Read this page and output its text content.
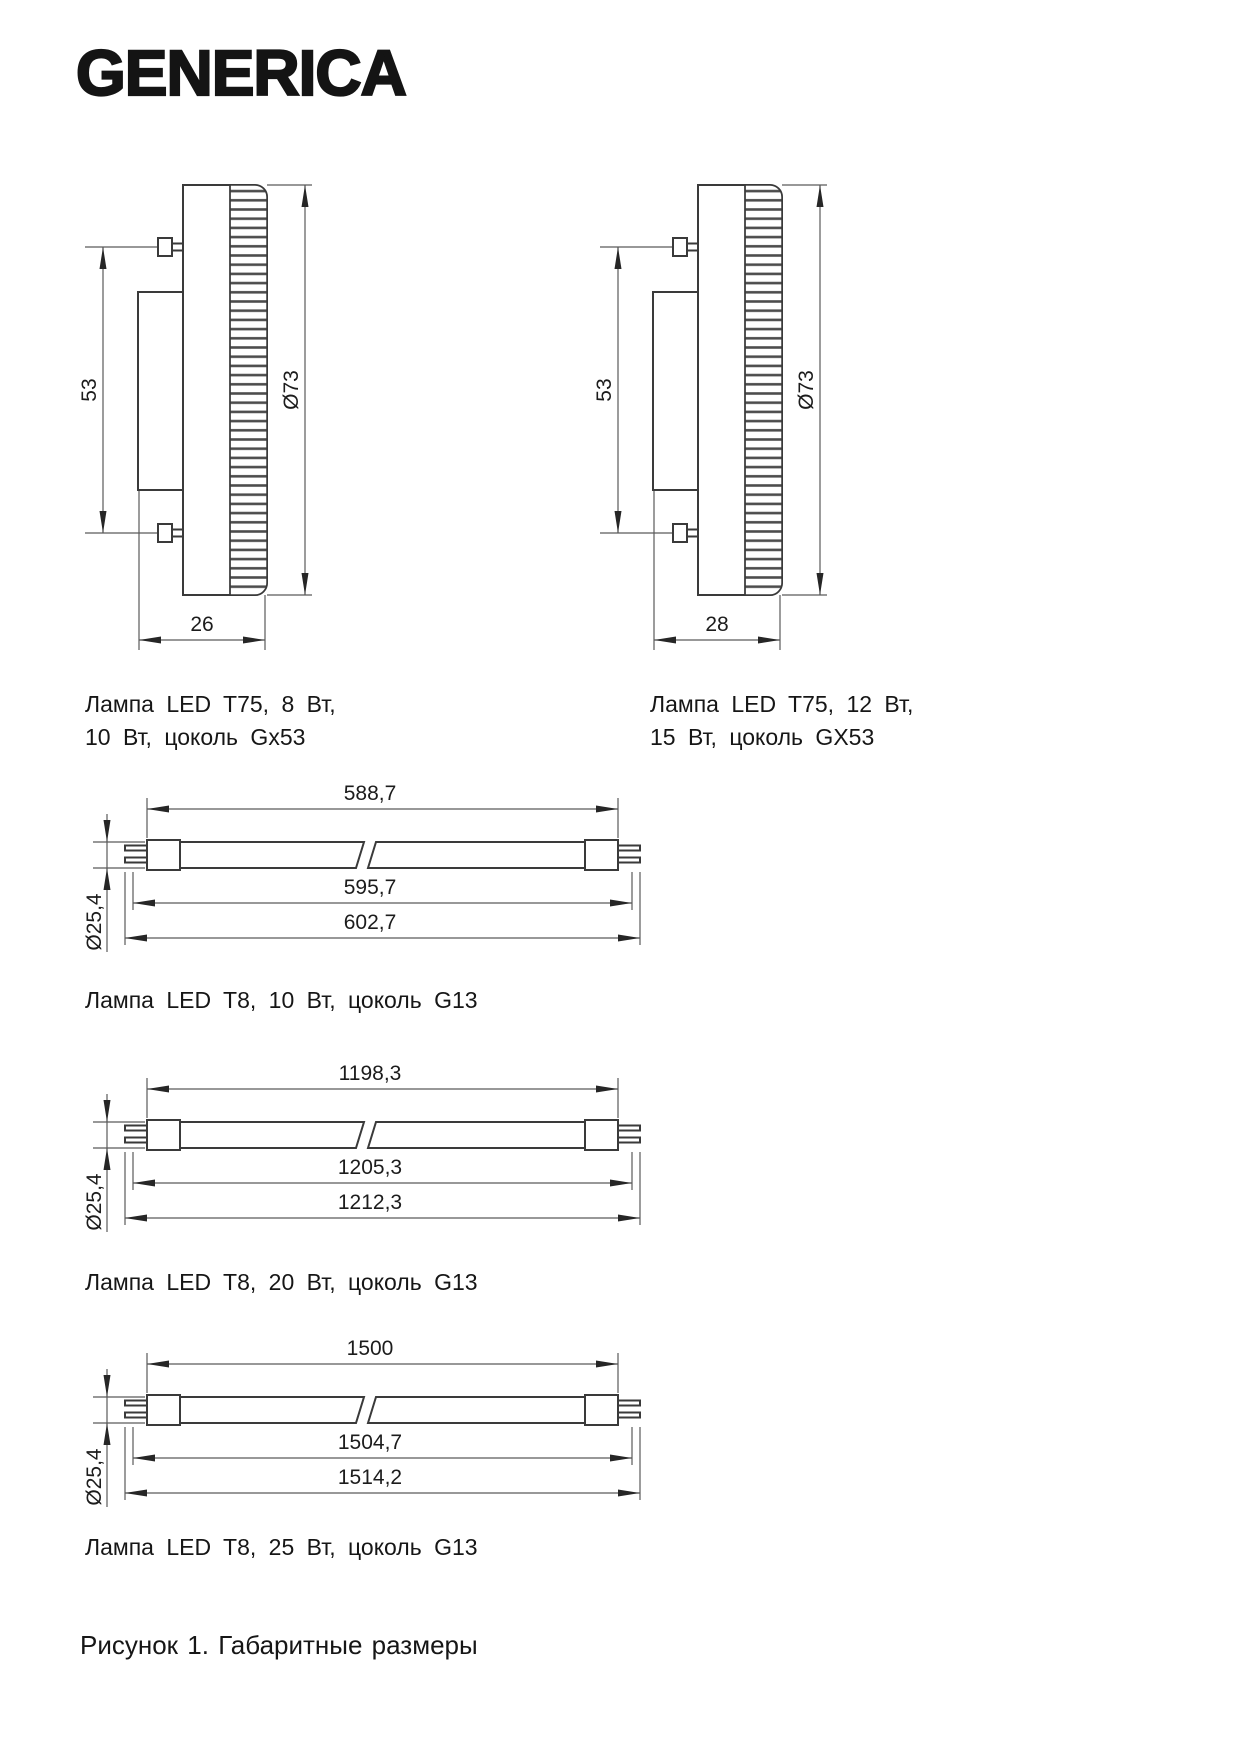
GENERICA
53	Ø73
26
53	Ø73
28
Лампа LED T75, 8 Вт,
10 Вт, цоколь Gx53
Лампа LED T75, 12 Вт,
15 Вт, цоколь GX53
588,7
595,7
602,7
Ø25,4
Лампа LED T8, 10 Вт, цоколь G13
1198,3
1205,3
1212,3
Ø25,4
Лампа LED T8, 20 Вт, цоколь G13
1500
1504,7
1514,2
Ø25,4
Лампа LED T8, 25 Вт, цоколь G13
Рисунок 1. Габаритные размеры
